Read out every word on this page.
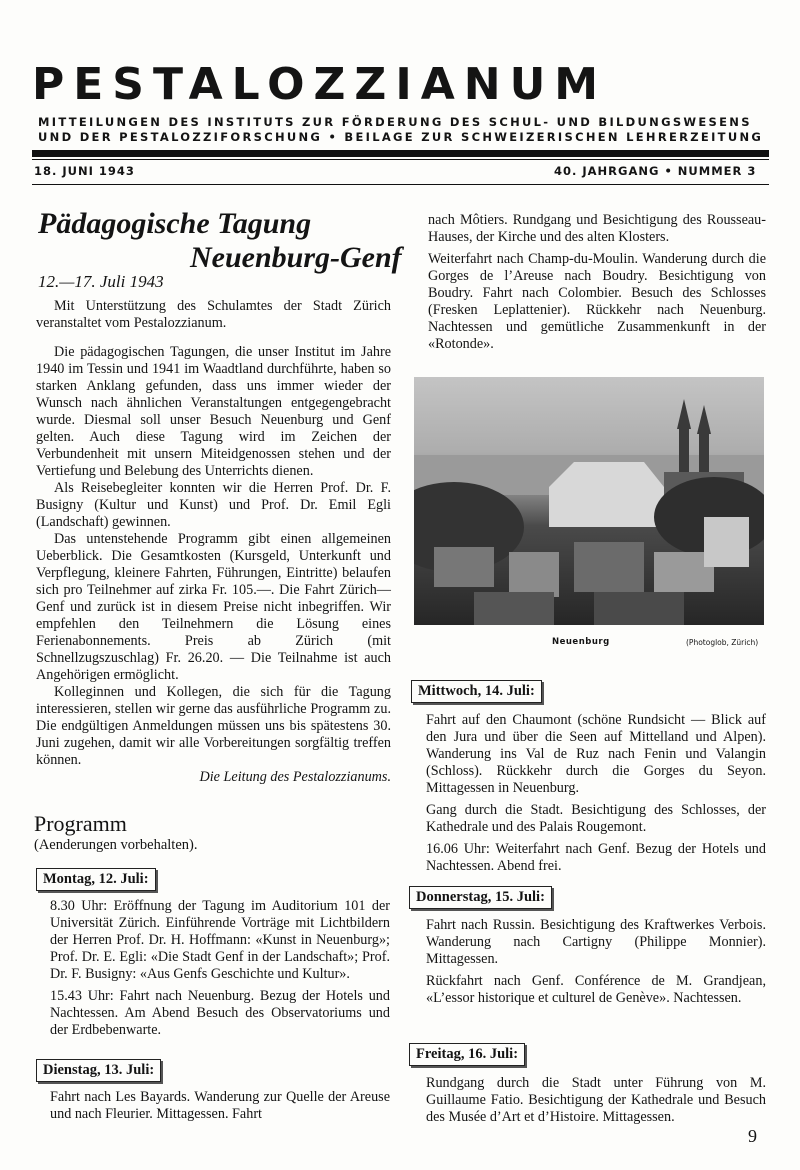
PESTALOZZIANUM
MITTEILUNGEN DES INSTITUTS ZUR FÖRDERUNG DES SCHUL- UND BILDUNGSWESENS
UND DER PESTALOZZIFORSCHUNG • BEILAGE ZUR SCHWEIZERISCHEN LEHRERZEITUNG
18. JUNI 1943	40. JAHRGANG • NUMMER 3
Pädagogische Tagung
Neuenburg-Genf
12.—17. Juli 1943

Mit Unterstützung des Schulamtes der Stadt Zürich veranstaltet vom Pestalozzianum.

Die pädagogischen Tagungen, die unser Institut im Jahre 1940 im Tessin und 1941 im Waadtland durchführte, haben so starken Anklang gefunden, dass uns immer wieder der Wunsch nach ähnlichen Veranstaltungen entgegengebracht wurde. Diesmal soll unser Besuch Neuenburg und Genf gelten. Auch diese Tagung wird im Zeichen der Verbundenheit mit unsern Miteidgenossen stehen und der Vertiefung und Belebung des Unterrichts dienen.

Als Reisebegleiter konnten wir die Herren Prof. Dr. F. Busigny (Kultur und Kunst) und Prof. Dr. Emil Egli (Landschaft) gewinnen.

Das untenstehende Programm gibt einen allgemeinen Ueberblick. Die Gesamtkosten (Kursgeld, Unterkunft und Verpflegung, kleinere Fahrten, Führungen, Eintritte) belaufen sich pro Teilnehmer auf zirka Fr. 105.—. Die Fahrt Zürich—Genf und zurück ist in diesem Preise nicht inbegriffen. Wir empfehlen den Teilnehmern die Lösung eines Ferienabonnements. Preis ab Zürich (mit Schnellzugszuschlag) Fr. 26.20. — Die Teilnahme ist auch Angehörigen ermöglicht.

Kolleginnen und Kollegen, die sich für die Tagung interessieren, stellen wir gerne das ausführliche Programm zu. Die endgültigen Anmeldungen müssen uns bis spätestens 30. Juni zugehen, damit wir alle Vorbereitungen sorgfältig treffen können.

Die Leitung des Pestalozzianums.

Programm
(Aenderungen vorbehalten).
Montag, 12. Juli:

8.30 Uhr: Eröffnung der Tagung im Auditorium 101 der Universität Zürich. Einführende Vorträge mit Lichtbildern der Herren Prof. Dr. H. Hoffmann: «Kunst in Neuenburg»; Prof. Dr. E. Egli: «Die Stadt Genf in der Landschaft»; Prof. Dr. F. Busigny: «Aus Genfs Geschichte und Kultur».

15.43 Uhr: Fahrt nach Neuenburg. Bezug der Hotels und Nachtessen. Am Abend Besuch des Observatoriums und der Erdbebenwarte.

Dienstag, 13. Juli:

Fahrt nach Les Bayards. Wanderung zur Quelle der Areuse und nach Fleurier. Mittagessen. Fahrt

nach Môtiers. Rundgang und Besichtigung des Rousseau-Hauses, der Kirche und des alten Klosters.

Weiterfahrt nach Champ-du-Moulin. Wanderung durch die Gorges de l’Areuse nach Boudry. Besichtigung von Boudry. Fahrt nach Colombier. Besuch des Schlosses (Fresken Leplattenier). Rückkehr nach Neuenburg. Nachtessen und gemütliche Zusammenkunft in der «Rotonde».

Neuenburg	(Photoglob, Zürich)
Mittwoch, 14. Juli:

Fahrt auf den Chaumont (schöne Rundsicht — Blick auf den Jura und über die Seen auf Mittelland und Alpen). Wanderung ins Val de Ruz nach Fenin und Valangin (Schloss). Rückkehr durch die Gorges du Seyon. Mittagessen in Neuenburg.

Gang durch die Stadt. Besichtigung des Schlosses, der Kathedrale und des Palais Rougemont.

16.06 Uhr: Weiterfahrt nach Genf. Bezug der Hotels und Nachtessen. Abend frei.

Donnerstag, 15. Juli:

Fahrt nach Russin. Besichtigung des Kraftwerkes Verbois. Wanderung nach Cartigny (Philippe Monnier). Mittagessen.

Rückfahrt nach Genf. Conférence de M. Grandjean, «L’essor historique et culturel de Genève». Nachtessen.

Freitag, 16. Juli:

Rundgang durch die Stadt unter Führung von M. Guillaume Fatio. Besichtigung der Kathedrale und Besuch des Musée d’Art et d’Histoire. Mittagessen.

9
